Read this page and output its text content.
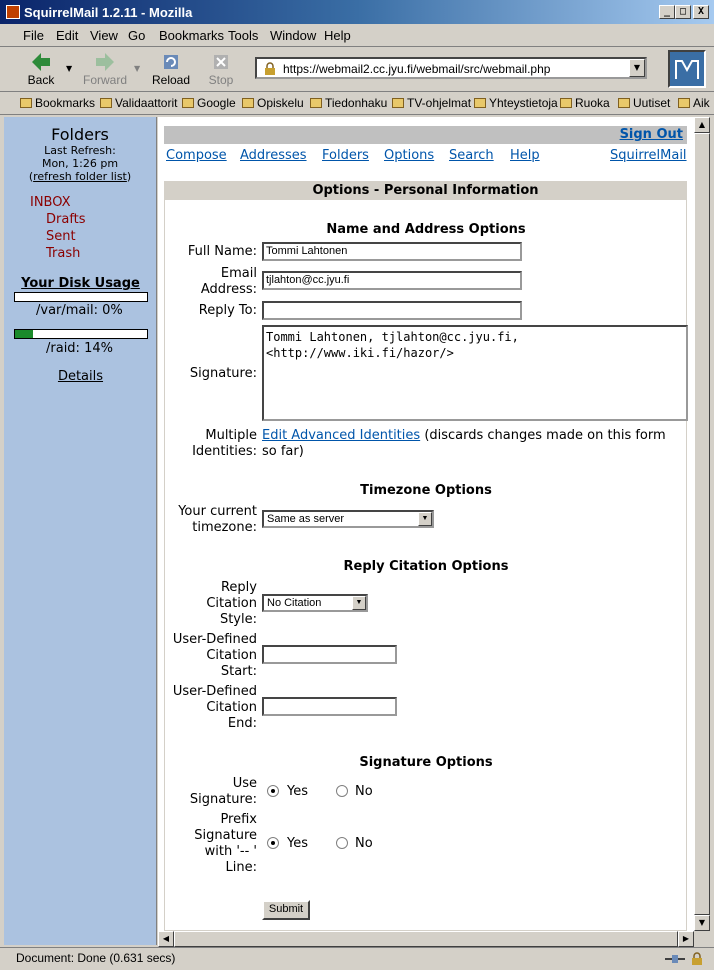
SquirrelMail 1.2.11 - Mozilla	_ □	X
File Edit View Go Bookmarks Tools Window Help
Back
▼
Forward
▼
Reload	Stop
https://webmail2.cc.jyu.fi/webmail/src/webmail.php	▼
Bookmarks	Validaattorit	Google	Opiskelu	Tiedonhaku	TV-ohjelmat	Yhteystietoja	Ruoka	Uutiset	Aik
Folders
Last Refresh:
Mon, 1:26 pm
(refresh folder list)
INBOX
Drafts
Sent
Trash
Your Disk Usage
/var/mail: 0%
/raid: 14%
Details
Sign Out
Compose Addresses Folders Options Search Help	SquirrelMail
Options - Personal Information
Name and Address Options
Full Name: Tommi Lahtonen
Email
Address:
tjlahton@cc.jyu.fi
Reply To:
Signature:
Tommi Lahtonen, tjlahton@cc.jyu.fi,
<http://www.iki.fi/hazor/>
Multiple
Identities:
Edit Advanced Identities (discards changes made on this form
so far)
Timezone Options
Your current
timezone:
Same as server	▼
Reply Citation Options
Reply
Citation
Style:
No Citation	▼
User-Defined
Citation
Start:
User-Defined
Citation
End:
Signature Options
Use
Signature:
Yes	No
Prefix
Signature
with '-- '
Line:
Yes	No
Submit
▲
▼
◀	▶
Document: Done (0.631 secs)
